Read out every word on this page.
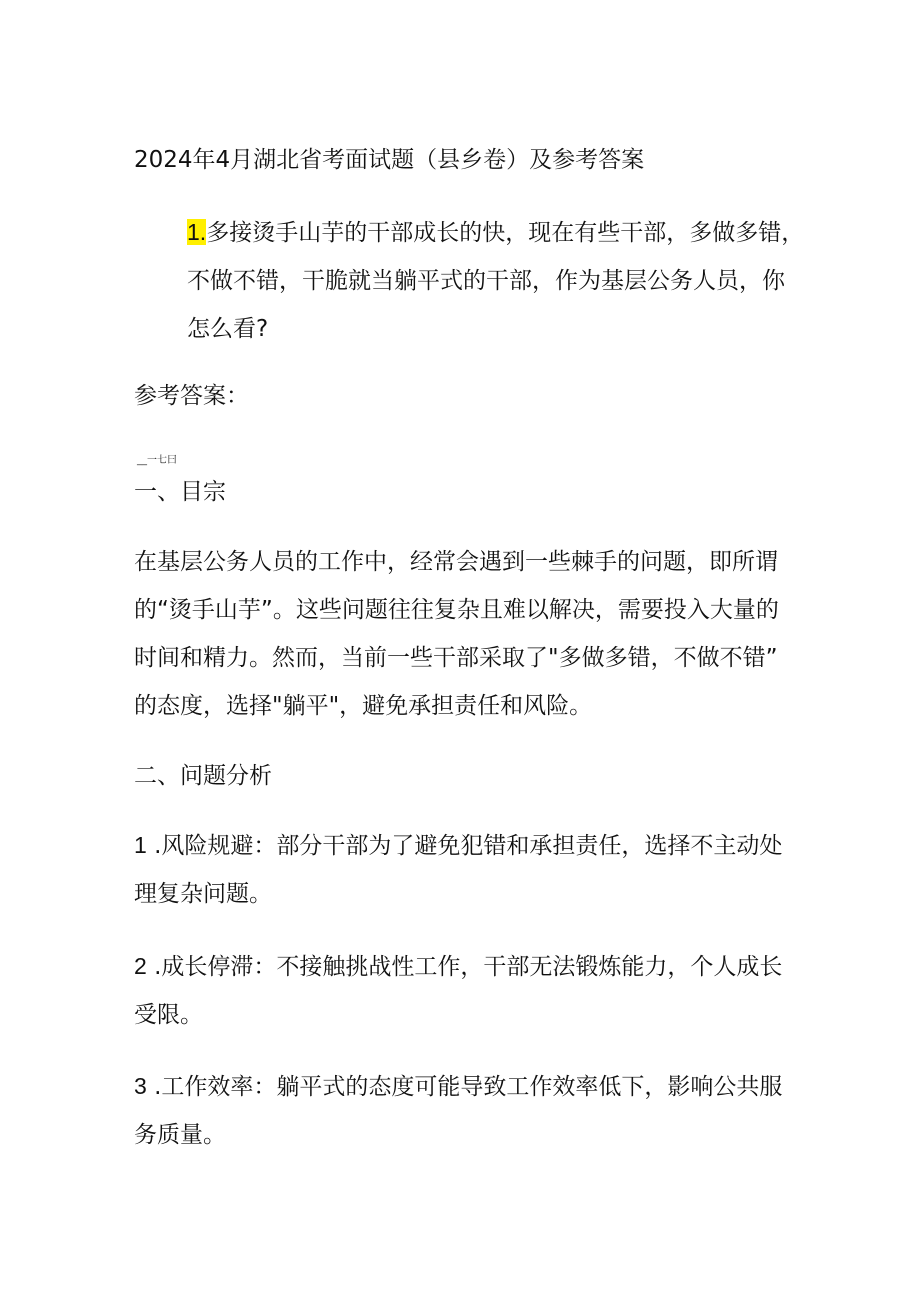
2024年4月湖北省考面试题（县乡卷）及参考答案
1.多接烫手山芋的干部成长的快，现在有些干部，多做多错，
不做不错，干脆就当躺平式的干部，作为基层公务人员，你
怎么看?
参考答案：
__一七曰
一、目宗
在基层公务人员的工作中，经常会遇到一些棘手的问题，即所谓
的“烫手山芋”。这些问题往往复杂且难以解决，需要投入大量的
时间和精力。然而，当前一些干部采取了"多做多错，不做不错”
的态度，选择"躺平"，避免承担责任和风险。
二、问题分析
1 .风险规避：部分干部为了避免犯错和承担责任，选择不主动处
理复杂问题。
2 .成长停滞：不接触挑战性工作，干部无法锻炼能力，个人成长
受限。
3 .工作效率：躺平式的态度可能导致工作效率低下，影响公共服
务质量。
